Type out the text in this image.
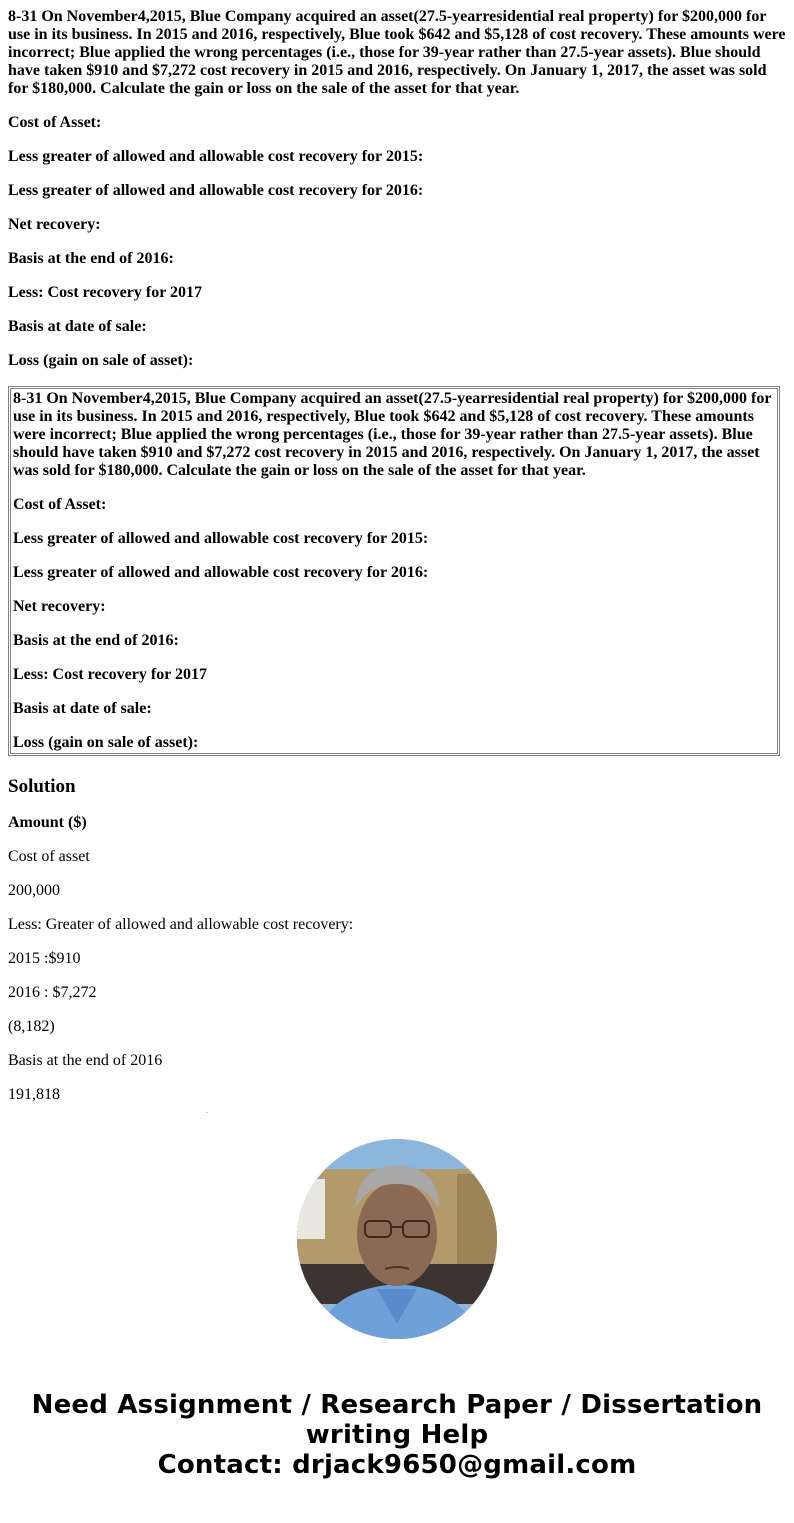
8-31 On November4,2015, Blue Company acquired an asset(27.5-yearresidential real property) for $200,000 for use in its business. In 2015 and 2016, respectively, Blue took $642 and $5,128 of cost recovery. These amounts were incorrect; Blue applied the wrong percentages (i.e., those for 39-year rather than 27.5-year assets). Blue should have taken $910 and $7,272 cost recovery in 2015 and 2016, respectively. On January 1, 2017, the asset was sold for $180,000. Calculate the gain or loss on the sale of the asset for that year.

Cost of Asset:

Less greater of allowed and allowable cost recovery for 2015:

Less greater of allowed and allowable cost recovery for 2016:

Net recovery:

Basis at the end of 2016:

Less: Cost recovery for 2017

Basis at date of sale:

Loss (gain on sale of asset):

8-31 On November4,2015, Blue Company acquired an asset(27.5-yearresidential real property) for $200,000 for use in its business. In 2015 and 2016, respectively, Blue took $642 and $5,128 of cost recovery. These amounts were incorrect; Blue applied the wrong percentages (i.e., those for 39-year rather than 27.5-year assets). Blue should have taken $910 and $7,272 cost recovery in 2015 and 2016, respectively. On January 1, 2017, the asset was sold for $180,000. Calculate the gain or loss on the sale of the asset for that year.

Cost of Asset:

Less greater of allowed and allowable cost recovery for 2015:

Less greater of allowed and allowable cost recovery for 2016:

Net recovery:

Basis at the end of 2016:

Less: Cost recovery for 2017

Basis at date of sale:

Loss (gain on sale of asset):

Solution

Amount ($)

Cost of asset

200,000

Less: Greater of allowed and allowable cost recovery:

2015 :$910

2016 : $7,272

(8,182)

Basis at the end of 2016

191,818

Need Assignment / Research Paper / Dissertation
writing Help
Contact: drjack9650@gmail.com
